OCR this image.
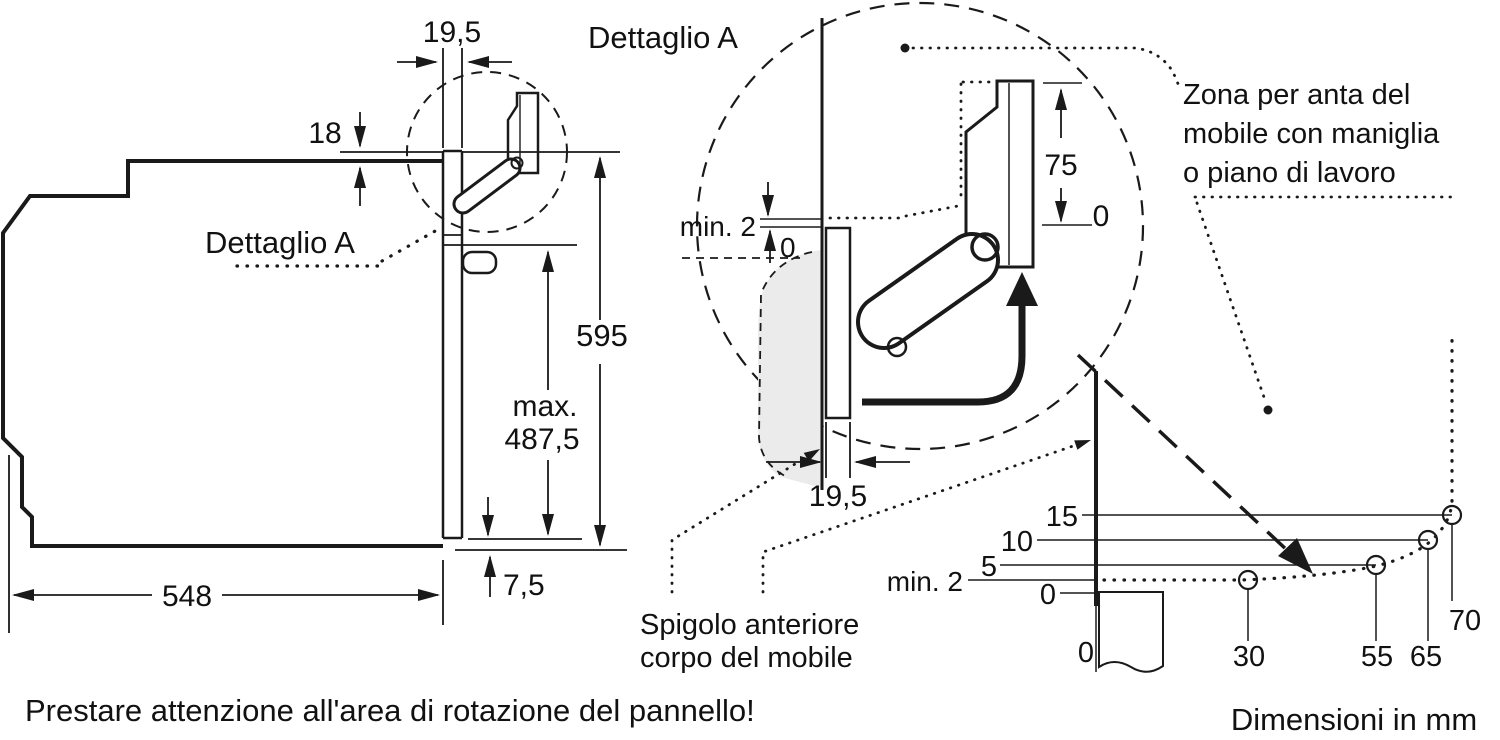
19,5
18
595
max.
487,5
7,5
548
Dettaglio A
Dettaglio A
min. 2
0
75
0
19,5
15
10
5
min. 2	0
0	30	55 65
70
Dimensioni in mm
Zona per anta del
mobile con maniglia
o piano di lavoro
Spigolo anteriore
corpo del mobile
Prestare attenzione all'area di rotazione del pannello!
